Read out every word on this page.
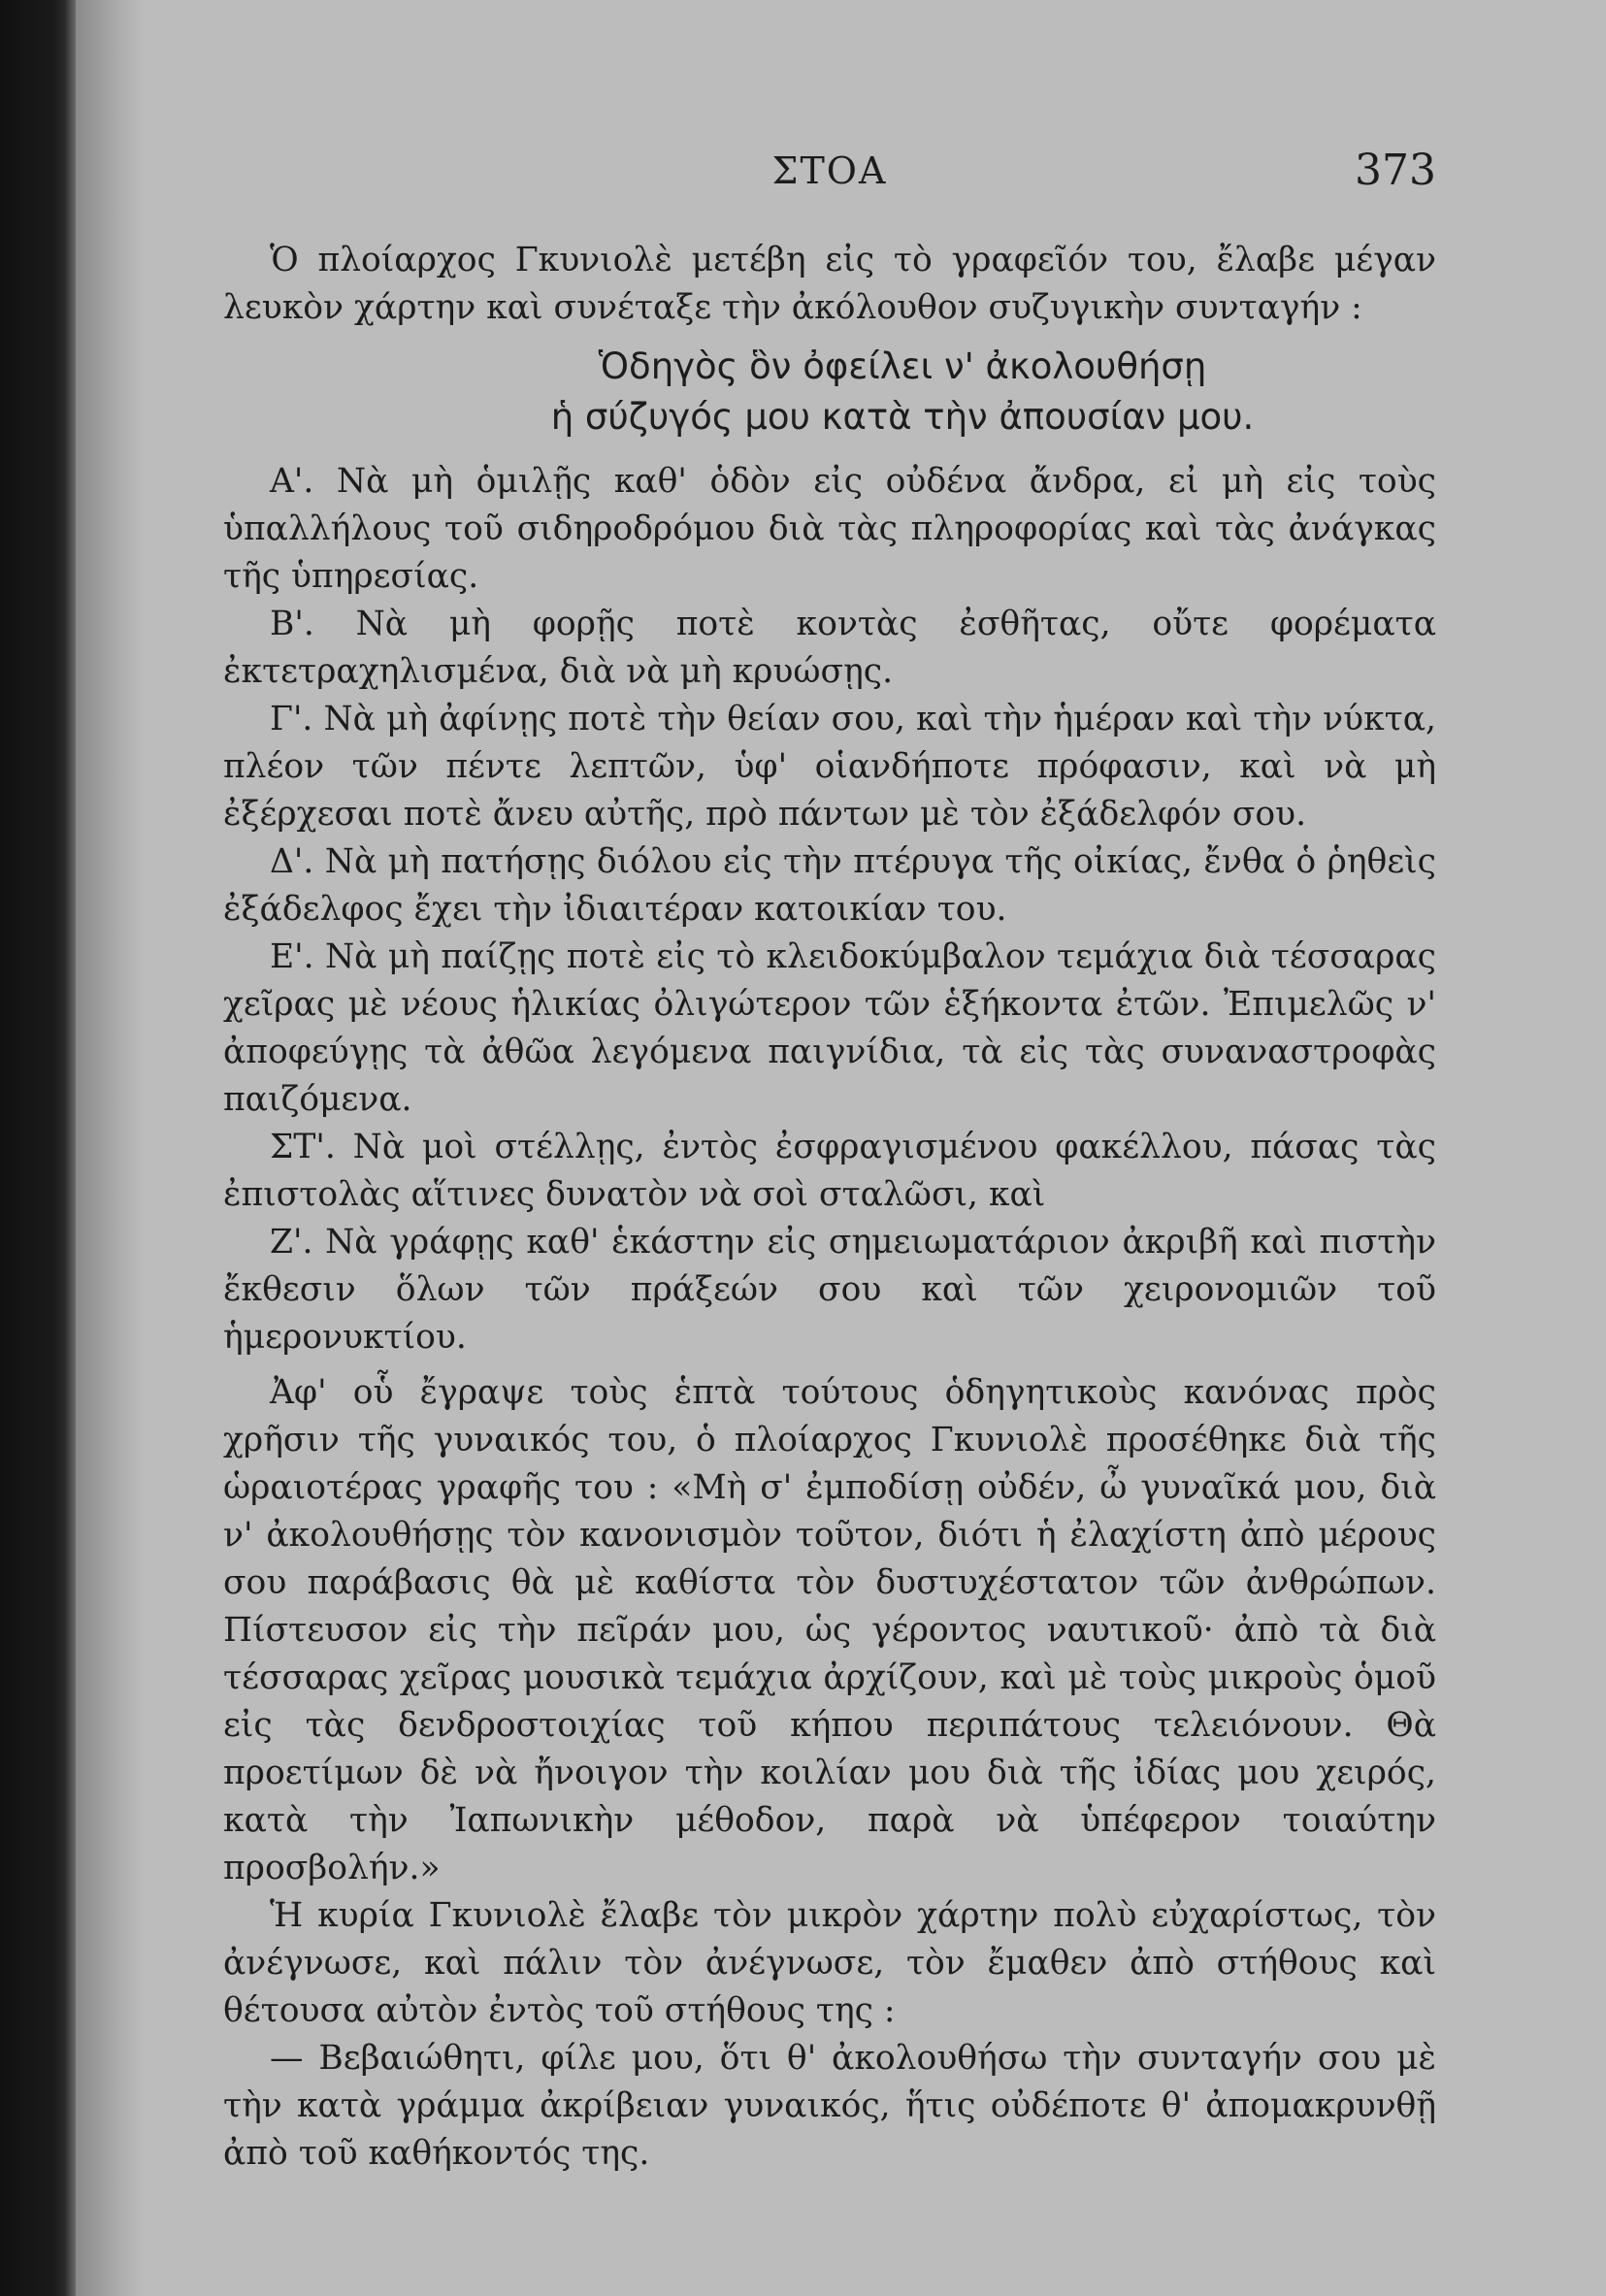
ΣΤΟΑ	373

Ὁ πλοίαρχος Γκυνιολὲ μετέβη εἰς τὸ γραφεῖόν του, ἔλαβε μέγαν λευκὸν χάρτην καὶ συνέταξε τὴν ἀκόλουθον συζυγικὴν συνταγήν :

Ὁδηγὸς ὃν ὀφείλει ν' ἀκολουθήσῃ
ἡ σύζυγός μου κατὰ τὴν ἀπουσίαν μου.

Α'. Νὰ μὴ ὁμιλῇς καθ' ὁδὸν εἰς οὐδένα ἄνδρα, εἰ μὴ εἰς τοὺς ὑπαλλήλους τοῦ σιδηροδρόμου διὰ τὰς πληροφορίας καὶ τὰς ἀνάγκας τῆς ὑπηρεσίας.

Β'. Νὰ μὴ φορῇς ποτὲ κοντὰς ἐσθῆτας, οὔτε φορέματα ἐκτετραχηλισμένα, διὰ νὰ μὴ κρυώσῃς.

Γ'. Νὰ μὴ ἀφίνῃς ποτὲ τὴν θείαν σου, καὶ τὴν ἡμέραν καὶ τὴν νύκτα, πλέον τῶν πέντε λεπτῶν, ὑφ' οἱανδήποτε πρόφασιν, καὶ νὰ μὴ ἐξέρχεσαι ποτὲ ἄνευ αὐτῆς, πρὸ πάντων μὲ τὸν ἐξάδελφόν σου.

Δ'. Νὰ μὴ πατήσῃς διόλου εἰς τὴν πτέρυγα τῆς οἰκίας, ἔνθα ὁ ῥηθεὶς ἐξάδελφος ἔχει τὴν ἰδιαιτέραν κατοικίαν του.

Ε'. Νὰ μὴ παίζῃς ποτὲ εἰς τὸ κλειδοκύμβαλον τεμάχια διὰ τέσσαρας χεῖρας μὲ νέους ἡλικίας ὀλιγώτερον τῶν ἑξήκοντα ἐτῶν. Ἐπιμελῶς ν' ἀποφεύγῃς τὰ ἀθῶα λεγόμενα παιγνίδια, τὰ εἰς τὰς συναναστροφὰς παιζόμενα.

ΣΤ'. Νὰ μοὶ στέλλῃς, ἐντὸς ἐσφραγισμένου φακέλλου, πάσας τὰς ἐπιστολὰς αἵτινες δυνατὸν νὰ σοὶ σταλῶσι, καὶ

Ζ'. Νὰ γράφῃς καθ' ἑκάστην εἰς σημειωματάριον ἀκριβῆ καὶ πιστὴν ἔκθεσιν ὅλων τῶν πράξεών σου καὶ τῶν χειρονομιῶν τοῦ ἡμερονυκτίου.

Ἀφ' οὗ ἔγραψε τοὺς ἑπτὰ τούτους ὁδηγητικοὺς κανόνας πρὸς χρῆσιν τῆς γυναικός του, ὁ πλοίαρχος Γκυνιολὲ προσέθηκε διὰ τῆς ὡραιοτέρας γραφῆς του : «Μὴ σ' ἐμποδίσῃ οὐδέν, ὦ γυναῖκά μου, διὰ ν' ἀκολουθήσῃς τὸν κανονισμὸν τοῦτον, διότι ἡ ἐλαχίστη ἀπὸ μέρους σου παράβασις θὰ μὲ καθίστα τὸν δυστυχέστατον τῶν ἀνθρώπων. Πίστευσον εἰς τὴν πεῖράν μου, ὡς γέροντος ναυτικοῦ· ἀπὸ τὰ διὰ τέσσαρας χεῖρας μουσικὰ τεμάχια ἀρχίζουν, καὶ μὲ τοὺς μικροὺς ὁμοῦ εἰς τὰς δενδροστοιχίας τοῦ κήπου περιπάτους τελειόνουν. Θὰ προετίμων δὲ νὰ ἤνοιγον τὴν κοιλίαν μου διὰ τῆς ἰδίας μου χειρός, κατὰ τὴν Ἰαπωνικὴν μέθοδον, παρὰ νὰ ὑπέφερον τοιαύτην προσβολήν.»

Ἡ κυρία Γκυνιολὲ ἔλαβε τὸν μικρὸν χάρτην πολὺ εὐχαρίστως, τὸν ἀνέγνωσε, καὶ πάλιν τὸν ἀνέγνωσε, τὸν ἔμαθεν ἀπὸ στήθους καὶ θέτουσα αὐτὸν ἐντὸς τοῦ στήθους της :

— Βεβαιώθητι, φίλε μου, ὅτι θ' ἀκολουθήσω τὴν συνταγήν σου μὲ τὴν κατὰ γράμμα ἀκρίβειαν γυναικός, ἥτις οὐδέποτε θ' ἀπομακρυνθῇ ἀπὸ τοῦ καθήκοντός της.
